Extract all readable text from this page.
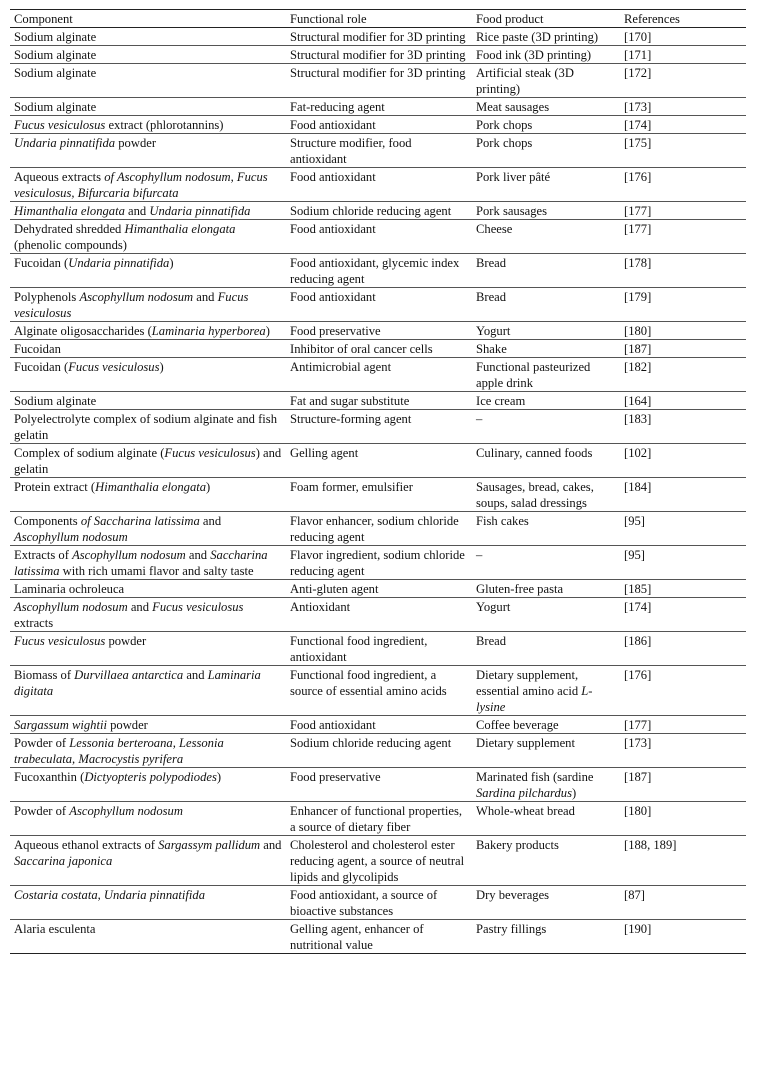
Component	Functional role	Food product	References
Sodium alginate	Structural modifier for 3D printing	Rice paste (3D printing)	[170]
Sodium alginate	Structural modifier for 3D printing	Food ink (3D printing)	[171]
Sodium alginate	Structural modifier for 3D printing	Artificial steak (3D printing)	[172]
Sodium alginate	Fat-reducing agent	Meat sausages	[173]
Fucus vesiculosus extract (phlorotannins)	Food antioxidant	Pork chops	[174]
Undaria pinnatifida powder	Structure modifier, food antioxidant	Pork chops	[175]
Aqueous extracts of Ascophyllum nodosum, Fucus vesiculosus, Bifurcaria bifurcata	Food antioxidant	Pork liver pâté	[176]
Himanthalia elongata and Undaria pinnatifida	Sodium chloride reducing agent	Pork sausages	[177]
Dehydrated shredded Himanthalia elongata (phenolic compounds)	Food antioxidant	Cheese	[177]
Fucoidan (Undaria pinnatifida)	Food antioxidant, glycemic index reducing agent	Bread	[178]
Polyphenols Ascophyllum nodosum and Fucus vesiculosus	Food antioxidant	Bread	[179]
Alginate oligosaccharides (Laminaria hyperborea)	Food preservative	Yogurt	[180]
Fucoidan	Inhibitor of oral cancer cells	Shake	[187]
Fucoidan (Fucus vesiculosus)	Antimicrobial agent	Functional pasteurized apple drink	[182]
Sodium alginate	Fat and sugar substitute	Ice cream	[164]
Polyelectrolyte complex of sodium alginate and fish gelatin	Structure-forming agent	–	[183]
Complex of sodium alginate (Fucus vesiculosus) and gelatin	Gelling agent	Culinary, canned foods	[102]
Protein extract (Himanthalia elongata)	Foam former, emulsifier	Sausages, bread, cakes, soups, salad dressings	[184]
Components of Saccharina latissima and Ascophyllum nodosum	Flavor enhancer, sodium chloride reducing agent	Fish cakes	[95]
Extracts of Ascophyllum nodosum and Saccharina latissima with rich umami flavor and salty taste	Flavor ingredient, sodium chloride reducing agent	–	[95]
Laminaria ochroleuca	Anti-gluten agent	Gluten-free pasta	[185]
Ascophyllum nodosum and Fucus vesiculosus extracts	Antioxidant	Yogurt	[174]
Fucus vesiculosus powder	Functional food ingredient, antioxidant	Bread	[186]
Biomass of Durvillaea antarctica and Laminaria digitata	Functional food ingredient, a source of essential amino acids	Dietary supplement, essential amino acid L-lysine	[176]
Sargassum wightii powder	Food antioxidant	Coffee beverage	[177]
Powder of Lessonia berteroana, Lessonia trabeculata, Macrocystis pyrifera	Sodium chloride reducing agent	Dietary supplement	[173]
Fucoxanthin (Dictyopteris polypodiodes)	Food preservative	Marinated fish (sardine Sardina pilchardus)	[187]
Powder of Ascophyllum nodosum	Enhancer of functional properties, a source of dietary fiber	Whole-wheat bread	[180]
Aqueous ethanol extracts of Sargassym pallidum and Saccarina japonica	Cholesterol and cholesterol ester reducing agent, a source of neutral lipids and glycolipids	Bakery products	[188, 189]
Costaria costata, Undaria pinnatifida	Food antioxidant, a source of bioactive substances	Dry beverages	[87]
Alaria esculenta	Gelling agent, enhancer of nutritional value	Pastry fillings	[190]
